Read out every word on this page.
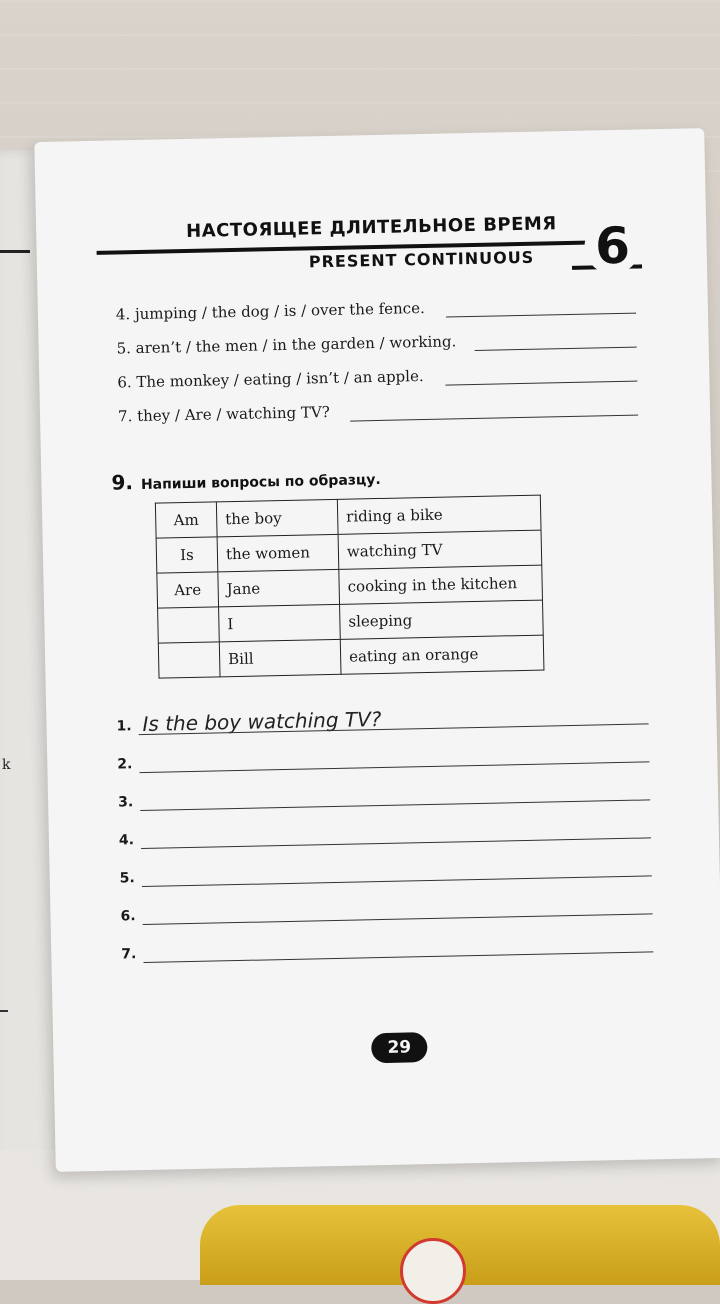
k
НАСТОЯЩЕЕ ДЛИТЕЛЬНОЕ ВРЕМЯ
PRESENT CONTINUOUS 6
4. jumping / the dog / is / over the fence.
5. aren’t / the men / in the garden / working.
6. The monkey / eating / isn’t / an apple.
7. they / Are / watching TV?
9. Напиши вопросы по образцу.
Am	the boy	riding a bike
Is	the women	watching TV
Are	Jane	cooking in the kitchen
	I	sleeping
	Bill	eating an orange
1. Is the boy watching TV?
2.
3.
4.
5.
6.
7.
29
